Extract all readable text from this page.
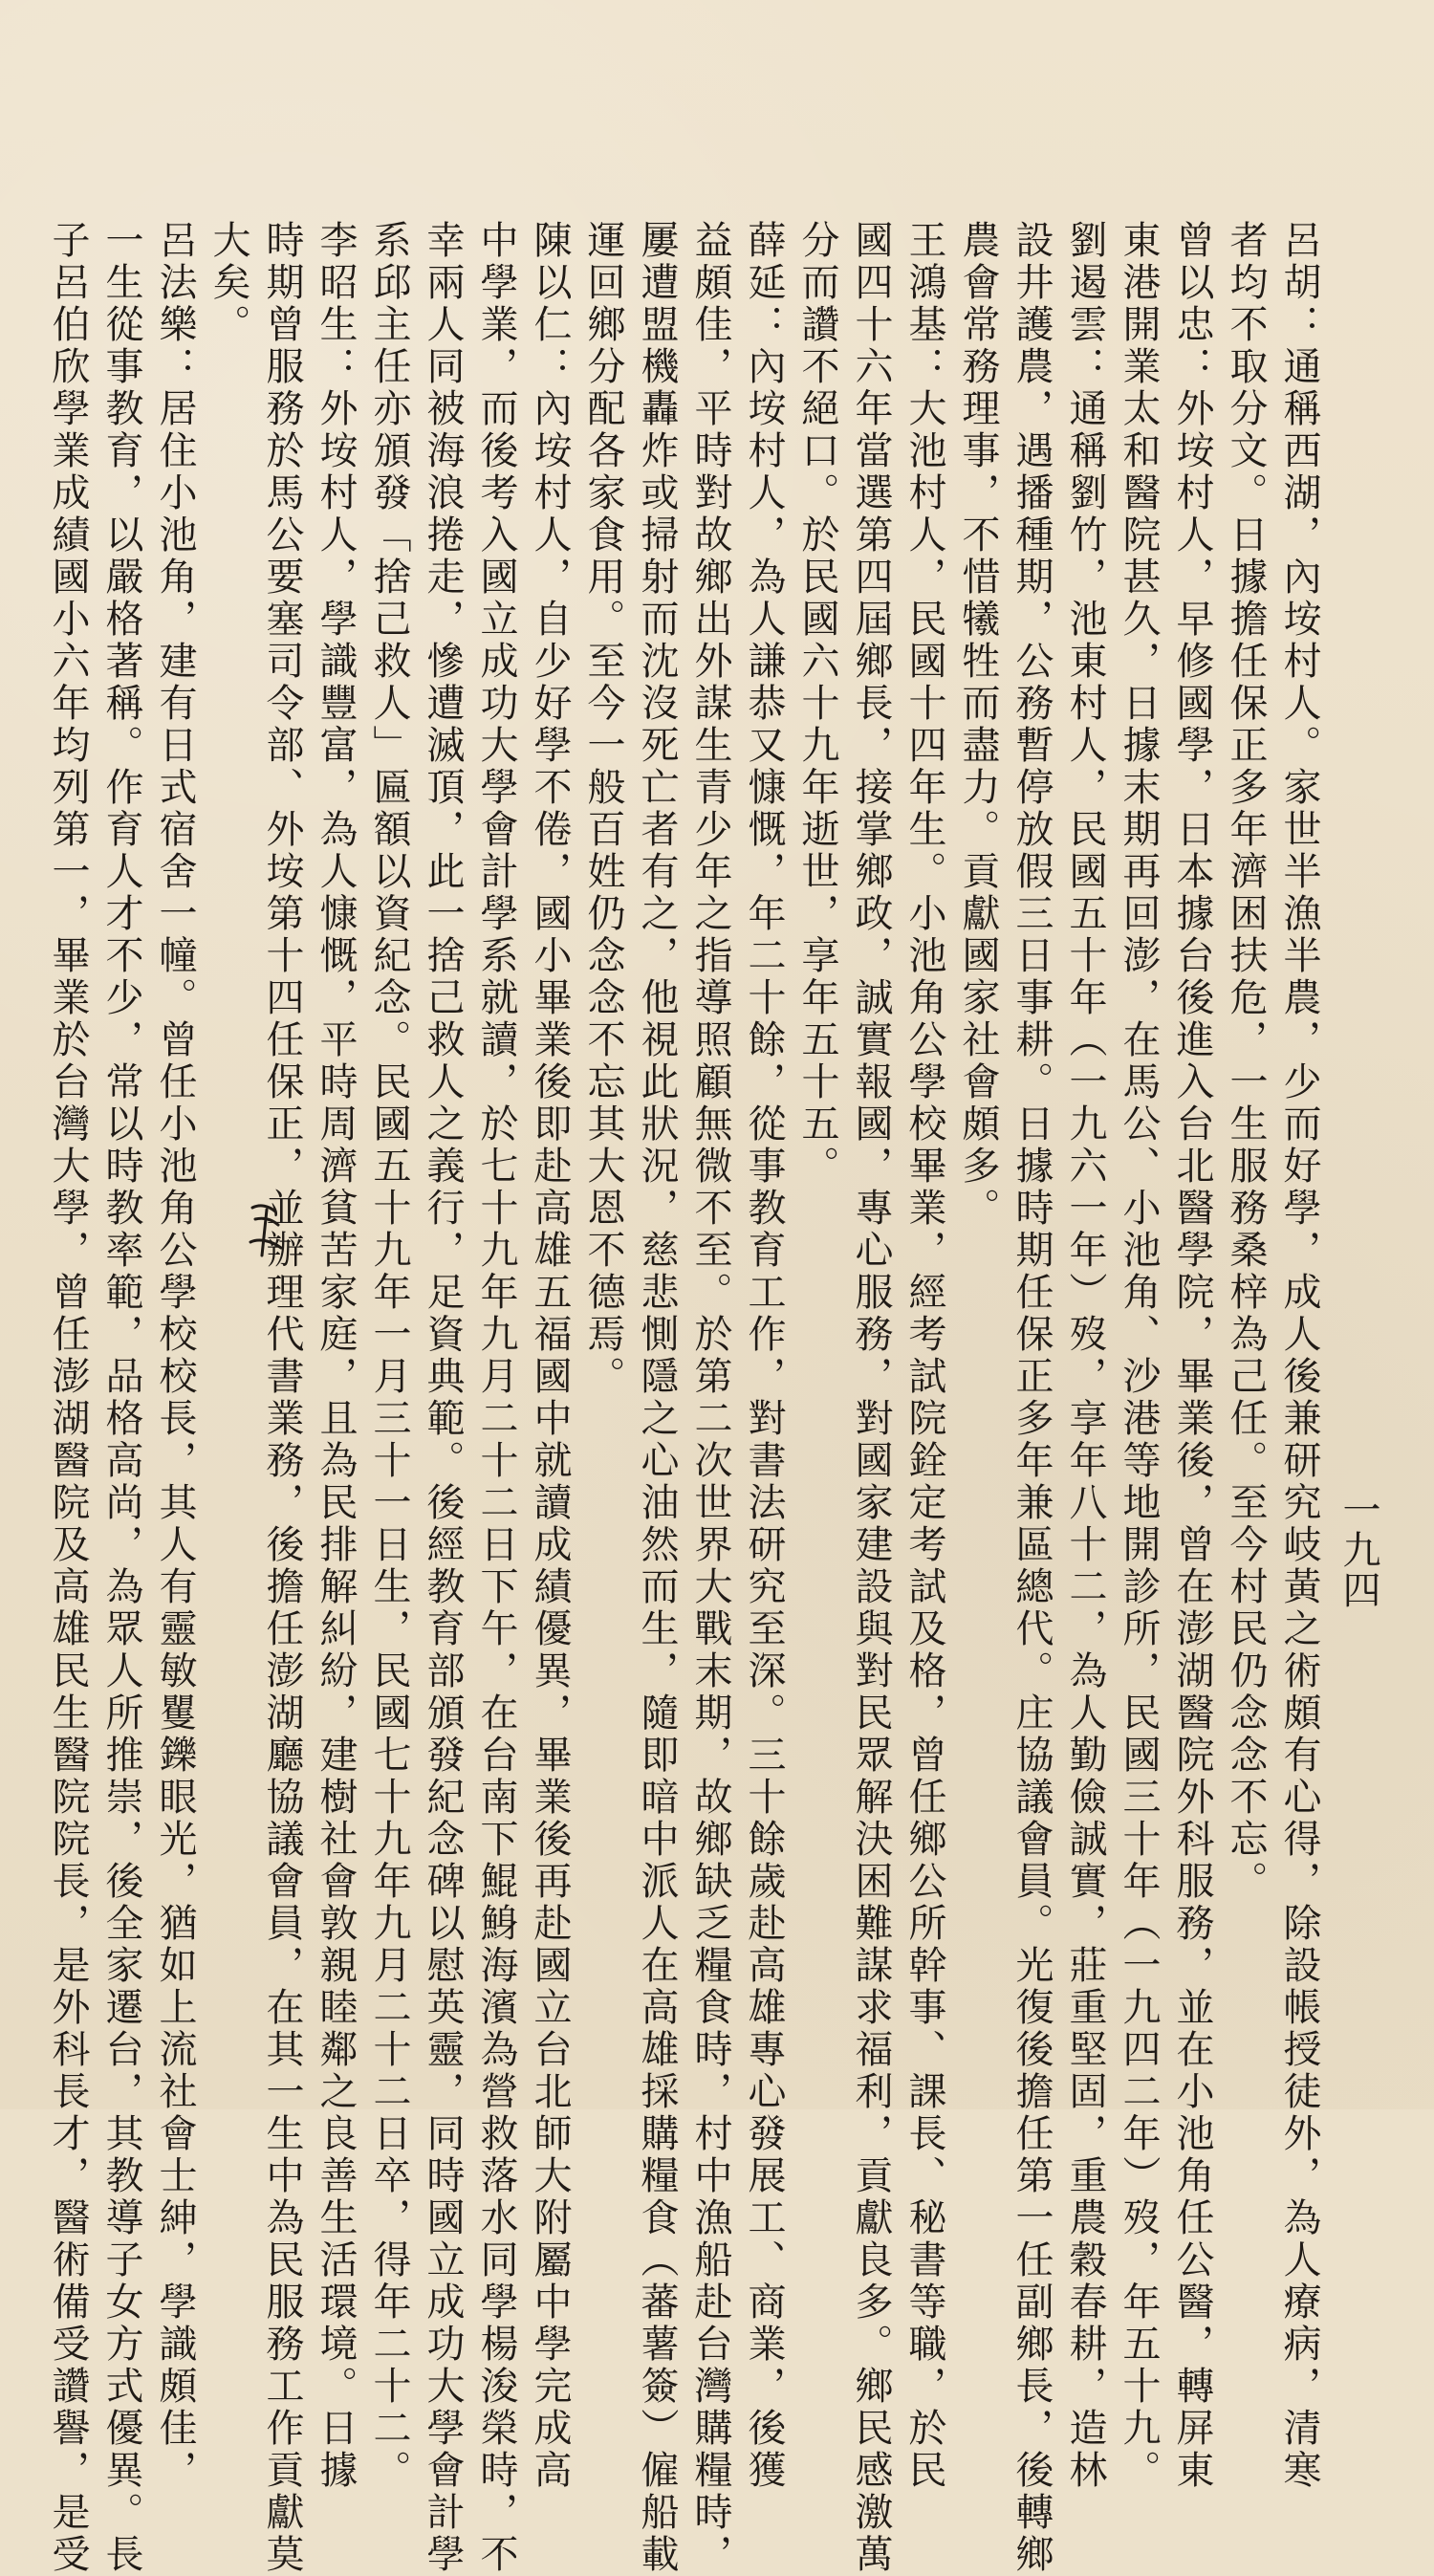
一九四
呂胡：通稱西湖，內垵村人。家世半漁半農，少而好學，成人後兼研究岐黃之術頗有心得，除設帳授徒外，為人療病，清寒
者均不取分文。日據擔任保正多年濟困扶危，一生服務桑梓為己任。至今村民仍念念不忘。
曾以忠：外垵村人，早修國學，日本據台後進入台北醫學院，畢業後，曾在澎湖醫院外科服務，並在小池角任公醫，轉屏東
東港開業太和醫院甚久，日據末期再回澎，在馬公、小池角、沙港等地開診所，民國三十年（一九四二年）歿，年五十九。
劉遏雲：通稱劉竹，池東村人，民國五十年（一九六一年）歿，享年八十二，為人勤儉誠實，莊重堅固，重農穀春耕，造林
設井護農，遇播種期，公務暫停放假三日事耕。日據時期任保正多年兼區總代。庄協議會員。光復後擔任第一任副鄉長，後轉鄉
農會常務理事，不惜犧牲而盡力。貢獻國家社會頗多。
王鴻基：大池村人，民國十四年生。小池角公學校畢業，經考試院銓定考試及格，曾任鄉公所幹事、課長、秘書等職，於民
國四十六年當選第四屆鄉長，接掌鄉政，誠實報國，專心服務，對國家建設與對民眾解決困難謀求福利，貢獻良多。鄉民感激萬
分而讚不絕口。於民國六十九年逝世，享年五十五。
薛延：內垵村人，為人謙恭又慷慨，年二十餘，從事教育工作，對書法研究至深。三十餘歲赴高雄專心發展工、商業，後獲
益頗佳，平時對故鄉出外謀生青少年之指導照顧無微不至。於第二次世界大戰末期，故鄉缺乏糧食時，村中漁船赴台灣購糧時，
屢遭盟機轟炸或掃射而沈沒死亡者有之，他視此狀況，慈悲惻隱之心油然而生，隨即暗中派人在高雄採購糧食（蕃薯簽）僱船載
運回鄉分配各家食用。至今一般百姓仍念念不忘其大恩不德焉。
陳以仁：內垵村人，自少好學不倦，國小畢業後即赴高雄五福國中就讀成績優異，畢業後再赴國立台北師大附屬中學完成高
中學業，而後考入國立成功大學會計學系就讀，於七十九年九月二十二日下午，在台南下鯤鯓海濱為營救落水同學楊浚榮時，不
幸兩人同被海浪捲走，慘遭滅頂，此一捨己救人之義行，足資典範。後經教育部頒發紀念碑以慰英靈，同時國立成功大學會計學
系邱主任亦頒發「捨己救人」匾額以資紀念。民國五十九年一月三十一日生，民國七十九年九月二十二日卒，得年二十二。
李昭生：外垵村人，學識豐富，為人慷慨，平時周濟貧苦家庭，且為民排解糾紛，建樹社會敦親睦鄰之良善生活環境。日據
時期曾服務於馬公要塞司令部、外垵第十四任保正，並辦理代書業務，後擔任澎湖廳協議會員，在其一生中為民服務工作貢獻莫
大矣。
呂法樂：居住小池角，建有日式宿舍一幢。曾任小池角公學校校長，其人有靈敏矍鑠眼光，猶如上流社會士紳，學識頗佳，
一生從事教育，以嚴格著稱。作育人才不少，常以時教率範，品格高尚，為眾人所推崇，後全家遷台，其教導子女方式優異。長
子呂伯欣學業成績國小六年均列第一，畢業於台灣大學，曾任澎湖醫院及高雄民生醫院院長，是外科長才，醫術備受讚譽，是受
